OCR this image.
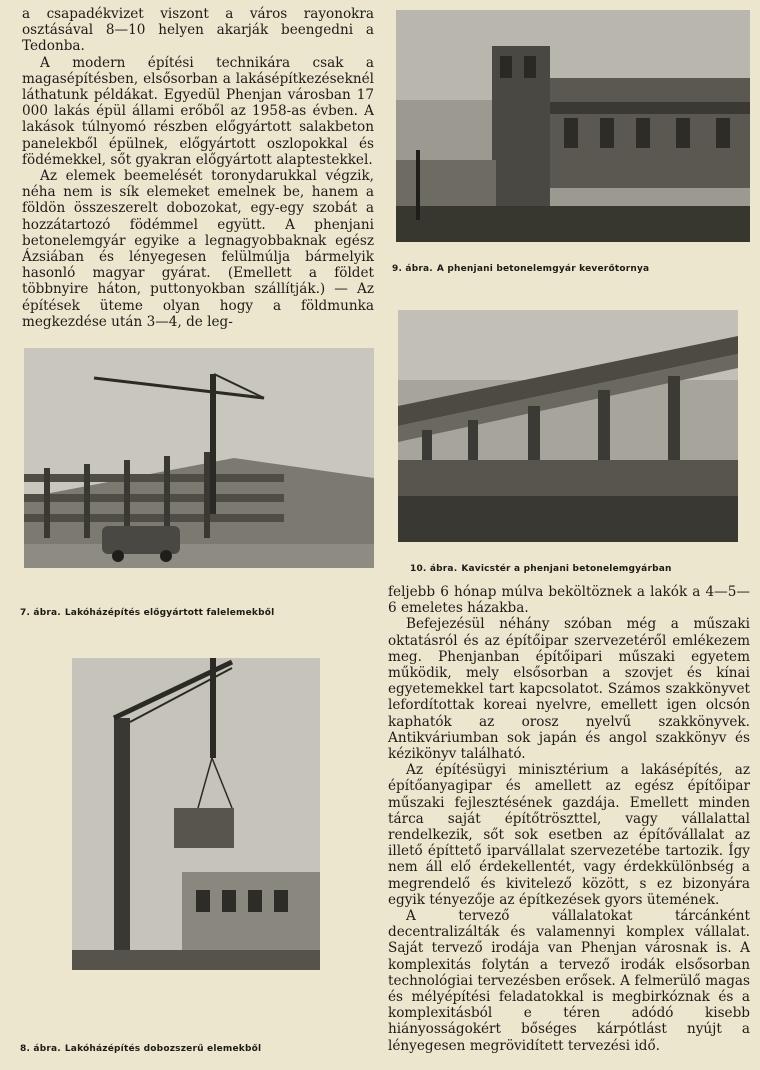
a csapadékvizet viszont a város rayonokra osztásával 8—10 helyen akarják beengedni a Tedonba.

A modern építési technikára csak a magasépítésben, elsősorban a lakásépítkezéseknél láthatunk példákat. Egyedül Phenjan városban 17 000 lakás épül állami erőből az 1958-as évben. A lakások túlnyomó részben előgyártott salakbeton panelekből épülnek, előgyártott oszlopokkal és födémekkel, sőt gyakran előgyártott alaptestekkel.

Az elemek beemelését toronydarukkal végzik, néha nem is sík elemeket emelnek be, hanem a földön összeszerelt dobozokat, egy-egy szobát a hozzátartozó födémmel együtt. A phenjani betonelemgyár egyike a legnagyobbaknak egész Ázsiában és lényegesen felülmúlja bármelyik hasonló magyar gyárat. (Emellett a földet többnyire háton, puttonyokban szállítják.) — Az építések üteme olyan hogy a földmunka megkezdése után 3—4, de leg-

9. ábra. A phenjani betonelemgyár keverőtornya
10. ábra. Kavicstér a phenjani betonelemgyárban
7. ábra. Lakóházépítés előgyártott falelemekből
8. ábra. Lakóházépítés dobozszerű elemekből

feljebb 6 hónap múlva beköltöznek a lakók a 4—5—6 emeletes házakba.

Befejezésül néhány szóban még a műszaki oktatásról és az építőipar szervezetéről emlékezem meg. Phenjanban építőipari műszaki egyetem működik, mely elsősorban a szovjet és kínai egyetemekkel tart kapcsolatot. Számos szakkönyvet lefordítottak koreai nyelvre, emellett igen olcsón kaphatók az orosz nyelvű szakkönyvek. Antikváriumban sok japán és angol szakkönyv és kézikönyv található.

Az építésügyi minisztérium a lakásépítés, az építőanyagipar és amellett az egész építőipar műszaki fejlesztésének gazdája. Emellett minden tárca saját építőtröszttel, vagy vállalattal rendelkezik, sőt sok esetben az építővállalat az illető építtető iparvállalat szervezetébe tartozik. Így nem áll elő érdekellentét, vagy érdekkülönbség a megrendelő és kivitelező között, s ez bizonyára egyik tényezője az építkezések gyors ütemének.

A tervező vállalatokat tárcánként decentralizálták és valamennyi komplex vállalat. Saját tervező irodája van Phenjan városnak is. A komplexitás folytán a tervező irodák elsősorban technológiai tervezésben erősek. A felmerülő magas és mélyépítési feladatokkal is megbirkóznak és a komplexitásból e téren adódó kisebb hiányosságokért bőséges kárpótlást nyújt a lényegesen megrövidített tervezési idő.
